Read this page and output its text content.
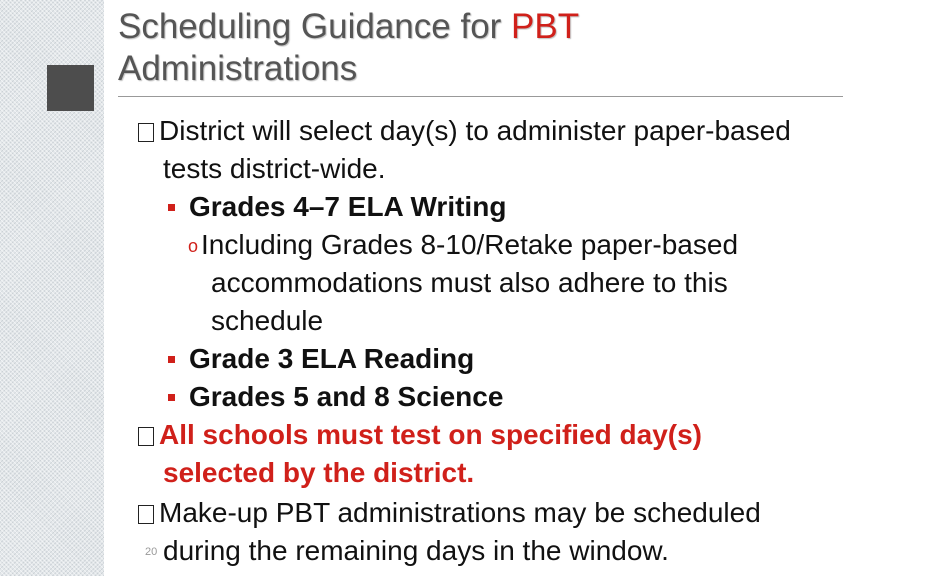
Scheduling Guidance for PBT
Administrations
District will select day(s) to administer paper-based
tests district-wide.
Grades 4–7 ELA Writing
o Including Grades 8-10/Retake paper-based
accommodations must also adhere to this
schedule
Grade 3 ELA Reading
Grades 5 and 8 Science
All schools must test on specified day(s)
selected by the district.
Make-up PBT administrations may be scheduled
during the remaining days in the window.
20
